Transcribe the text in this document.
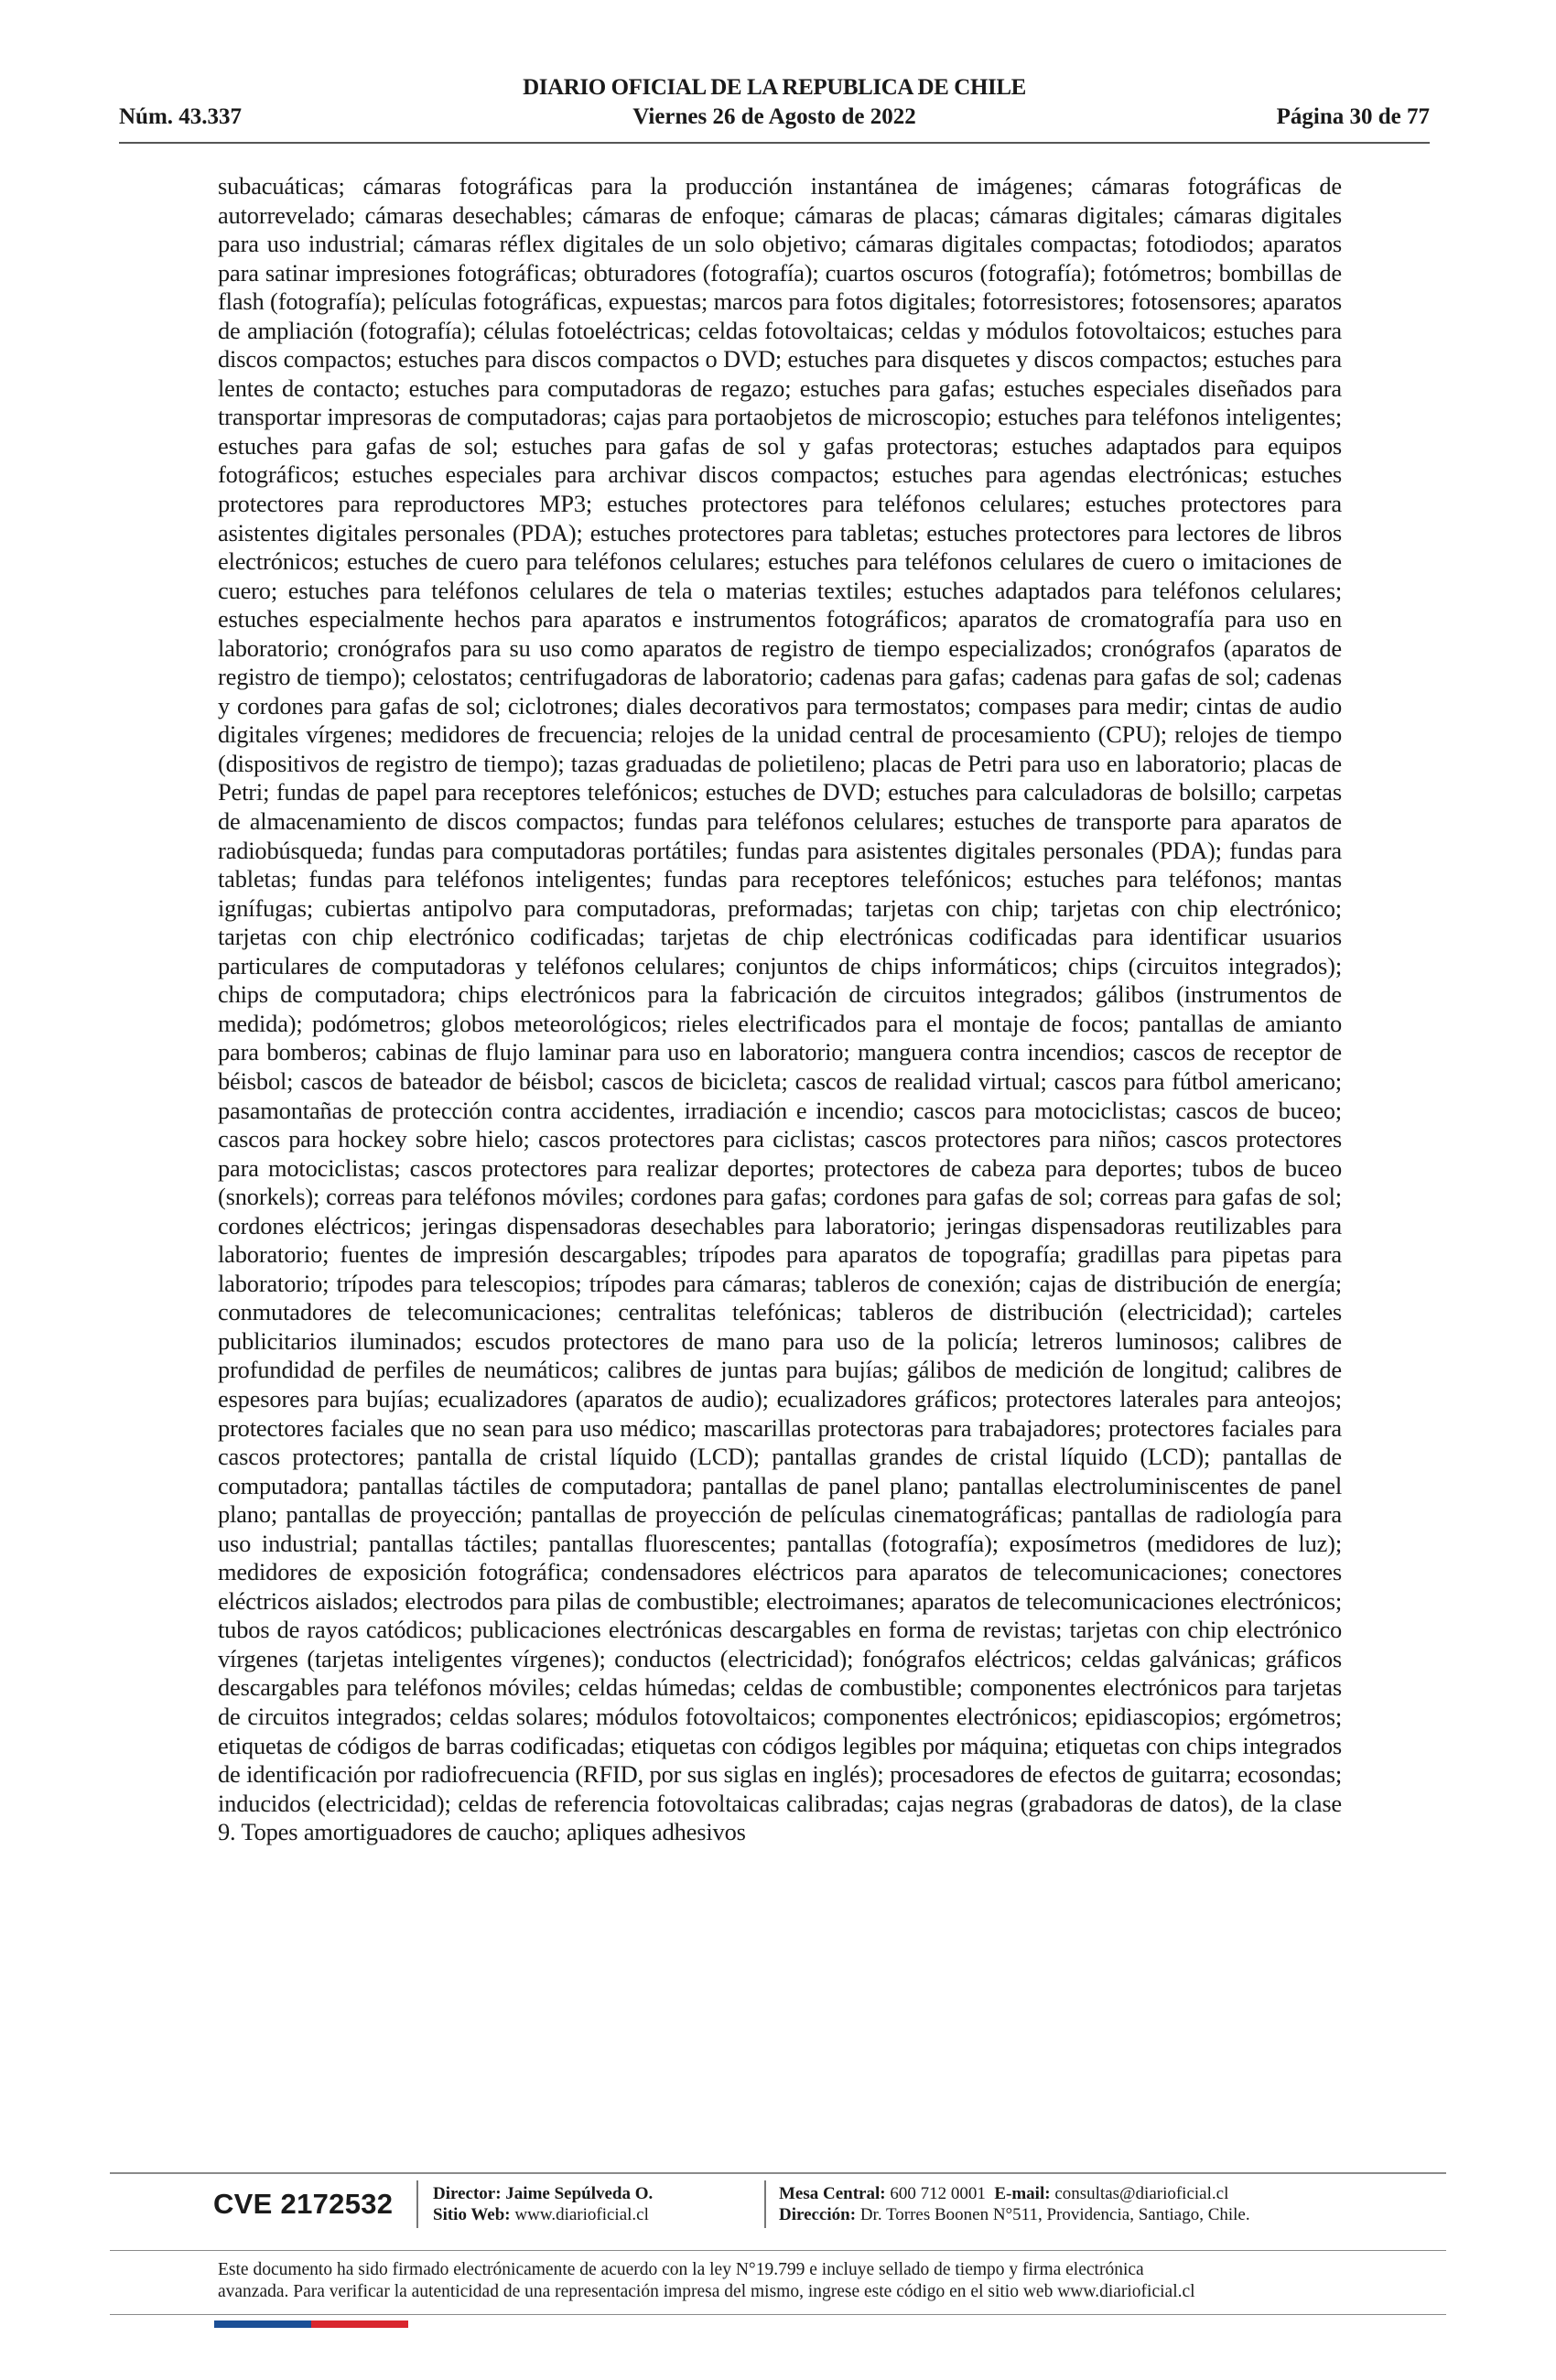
DIARIO OFICIAL DE LA REPUBLICA DE CHILE
Núm. 43.337	Viernes 26 de Agosto de 2022	Página 30 de 77

subacuáticas; cámaras fotográficas para la producción instantánea de imágenes; cámaras fotográficas de autorrevelado; cámaras desechables; cámaras de enfoque; cámaras de placas; cámaras digitales; cámaras digitales para uso industrial; cámaras réflex digitales de un solo objetivo; cámaras digitales compactas; fotodiodos; aparatos para satinar impresiones fotográficas; obturadores (fotografía); cuartos oscuros (fotografía); fotómetros; bombillas de flash (fotografía); películas fotográficas, expuestas; marcos para fotos digitales; fotorresistores; fotosensores; aparatos de ampliación (fotografía); células fotoeléctricas; celdas fotovoltaicas; celdas y módulos fotovoltaicos; estuches para discos compactos; estuches para discos compactos o DVD; estuches para disquetes y discos compactos; estuches para lentes de contacto; estuches para computadoras de regazo; estuches para gafas; estuches especiales diseñados para transportar impresoras de computadoras; cajas para portaobjetos de microscopio; estuches para teléfonos inteligentes; estuches para gafas de sol; estuches para gafas de sol y gafas protectoras; estuches adaptados para equipos fotográficos; estuches especiales para archivar discos compactos; estuches para agendas electrónicas; estuches protectores para reproductores MP3; estuches protectores para teléfonos celulares; estuches protectores para asistentes digitales personales (PDA); estuches protectores para tabletas; estuches protectores para lectores de libros electrónicos; estuches de cuero para teléfonos celulares; estuches para teléfonos celulares de cuero o imitaciones de cuero; estuches para teléfonos celulares de tela o materias textiles; estuches adaptados para teléfonos celulares; estuches especialmente hechos para aparatos e instrumentos fotográficos; aparatos de cromatografía para uso en laboratorio; cronógrafos para su uso como aparatos de registro de tiempo especializados; cronógrafos (aparatos de registro de tiempo); celostatos; centrifugadoras de laboratorio; cadenas para gafas; cadenas para gafas de sol; cadenas y cordones para gafas de sol; ciclotrones; diales decorativos para termostatos; compases para medir; cintas de audio digitales vírgenes; medidores de frecuencia; relojes de la unidad central de procesamiento (CPU); relojes de tiempo (dispositivos de registro de tiempo); tazas graduadas de polietileno; placas de Petri para uso en laboratorio; placas de Petri; fundas de papel para receptores telefónicos; estuches de DVD; estuches para calculadoras de bolsillo; carpetas de almacenamiento de discos compactos; fundas para teléfonos celulares; estuches de transporte para aparatos de radiobúsqueda; fundas para computadoras portátiles; fundas para asistentes digitales personales (PDA); fundas para tabletas; fundas para teléfonos inteligentes; fundas para receptores telefónicos; estuches para teléfonos; mantas ignífugas; cubiertas antipolvo para computadoras, preformadas; tarjetas con chip; tarjetas con chip electrónico; tarjetas con chip electrónico codificadas; tarjetas de chip electrónicas codificadas para identificar usuarios particulares de computadoras y teléfonos celulares; conjuntos de chips informáticos; chips (circuitos integrados); chips de computadora; chips electrónicos para la fabricación de circuitos integrados; gálibos (instrumentos de medida); podómetros; globos meteorológicos; rieles electrificados para el montaje de focos; pantallas de amianto para bomberos; cabinas de flujo laminar para uso en laboratorio; manguera contra incendios; cascos de receptor de béisbol; cascos de bateador de béisbol; cascos de bicicleta; cascos de realidad virtual; cascos para fútbol americano; pasamontañas de protección contra accidentes, irradiación e incendio; cascos para motociclistas; cascos de buceo; cascos para hockey sobre hielo; cascos protectores para ciclistas; cascos protectores para niños; cascos protectores para motociclistas; cascos protectores para realizar deportes; protectores de cabeza para deportes; tubos de buceo (snorkels); correas para teléfonos móviles; cordones para gafas; cordones para gafas de sol; correas para gafas de sol; cordones eléctricos; jeringas dispensadoras desechables para laboratorio; jeringas dispensadoras reutilizables para laboratorio; fuentes de impresión descargables; trípodes para aparatos de topografía; gradillas para pipetas para laboratorio; trípodes para telescopios; trípodes para cámaras; tableros de conexión; cajas de distribución de energía; conmutadores de telecomunicaciones; centralitas telefónicas; tableros de distribución (electricidad); carteles publicitarios iluminados; escudos protectores de mano para uso de la policía; letreros luminosos; calibres de profundidad de perfiles de neumáticos; calibres de juntas para bujías; gálibos de medición de longitud; calibres de espesores para bujías; ecualizadores (aparatos de audio); ecualizadores gráficos; protectores laterales para anteojos; protectores faciales que no sean para uso médico; mascarillas protectoras para trabajadores; protectores faciales para cascos protectores; pantalla de cristal líquido (LCD); pantallas grandes de cristal líquido (LCD); pantallas de computadora; pantallas táctiles de computadora; pantallas de panel plano; pantallas electroluminiscentes de panel plano; pantallas de proyección; pantallas de proyección de películas cinematográficas; pantallas de radiología para uso industrial; pantallas táctiles; pantallas fluorescentes; pantallas (fotografía); exposímetros (medidores de luz); medidores de exposición fotográfica; condensadores eléctricos para aparatos de telecomunicaciones; conectores eléctricos aislados; electrodos para pilas de combustible; electroimanes; aparatos de telecomunicaciones electrónicos; tubos de rayos catódicos; publicaciones electrónicas descargables en forma de revistas; tarjetas con chip electrónico vírgenes (tarjetas inteligentes vírgenes); conductos (electricidad); fonógrafos eléctricos; celdas galvánicas; gráficos descargables para teléfonos móviles; celdas húmedas; celdas de combustible; componentes electrónicos para tarjetas de circuitos integrados; celdas solares; módulos fotovoltaicos; componentes electrónicos; epidiascopios; ergómetros; etiquetas de códigos de barras codificadas; etiquetas con códigos legibles por máquina; etiquetas con chips integrados de identificación por radiofrecuencia (RFID, por sus siglas en inglés); procesadores de efectos de guitarra; ecosondas; inducidos (electricidad); celdas de referencia fotovoltaicas calibradas; cajas negras (grabadoras de datos), de la clase 9. Topes amortiguadores de caucho; apliques adhesivos

CVE 2172532 Director: Jaime Sepúlveda O.
Sitio Web: www.diarioficial.cl
Mesa Central: 600 712 0001 E-mail: consultas@diarioficial.cl
Dirección: Dr. Torres Boonen N°511, Providencia, Santiago, Chile.
Este documento ha sido firmado electrónicamente de acuerdo con la ley N°19.799 e incluye sellado de tiempo y firma electrónica
avanzada. Para verificar la autenticidad de una representación impresa del mismo, ingrese este código en el sitio web www.diarioficial.cl
